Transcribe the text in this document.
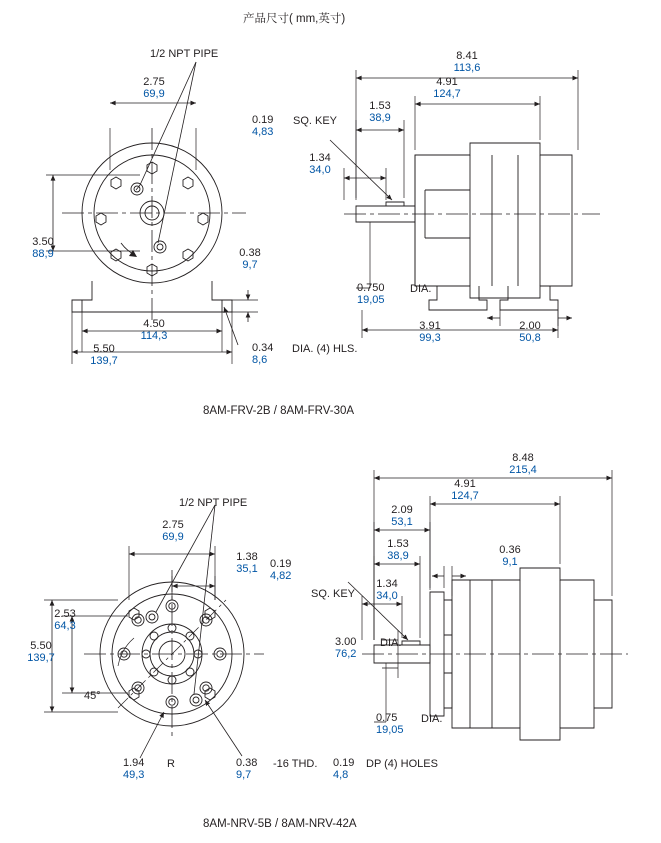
产品尺寸( mm,英寸)
1/2 NPT PIPE
2.75
69,9
3.50
88,9
4.50
114,3
5.50
139,7
0.38
9,7
0.34
8,6
DIA. (4) HLS.
8.41
113,6
4.91
124,7
1.53
38,9
1.34
34,0
0.19
4,83
SQ. KEY
0.750
19,05
DIA.
3.91
99,3
2.00
50,8
8AM-FRV-2B / 8AM-FRV-30A
1/2 NPT PIPE
2.75
69,9
1.38
35,1
2.53
64,3
5.50
139,7
45°
1.94
49,3
R	0.38
9,7
-16 THD. 0.19
4,8
DP (4) HOLES
8.48
215,4
4.91
124,7
2.09
53,1
1.53
38,9
1.34
34,0
0.19
4,82
SQ. KEY
0.36
9,1
3.00
76,2
DIA.
0.75
19,05
DIA.
8AM-NRV-5B / 8AM-NRV-42A
